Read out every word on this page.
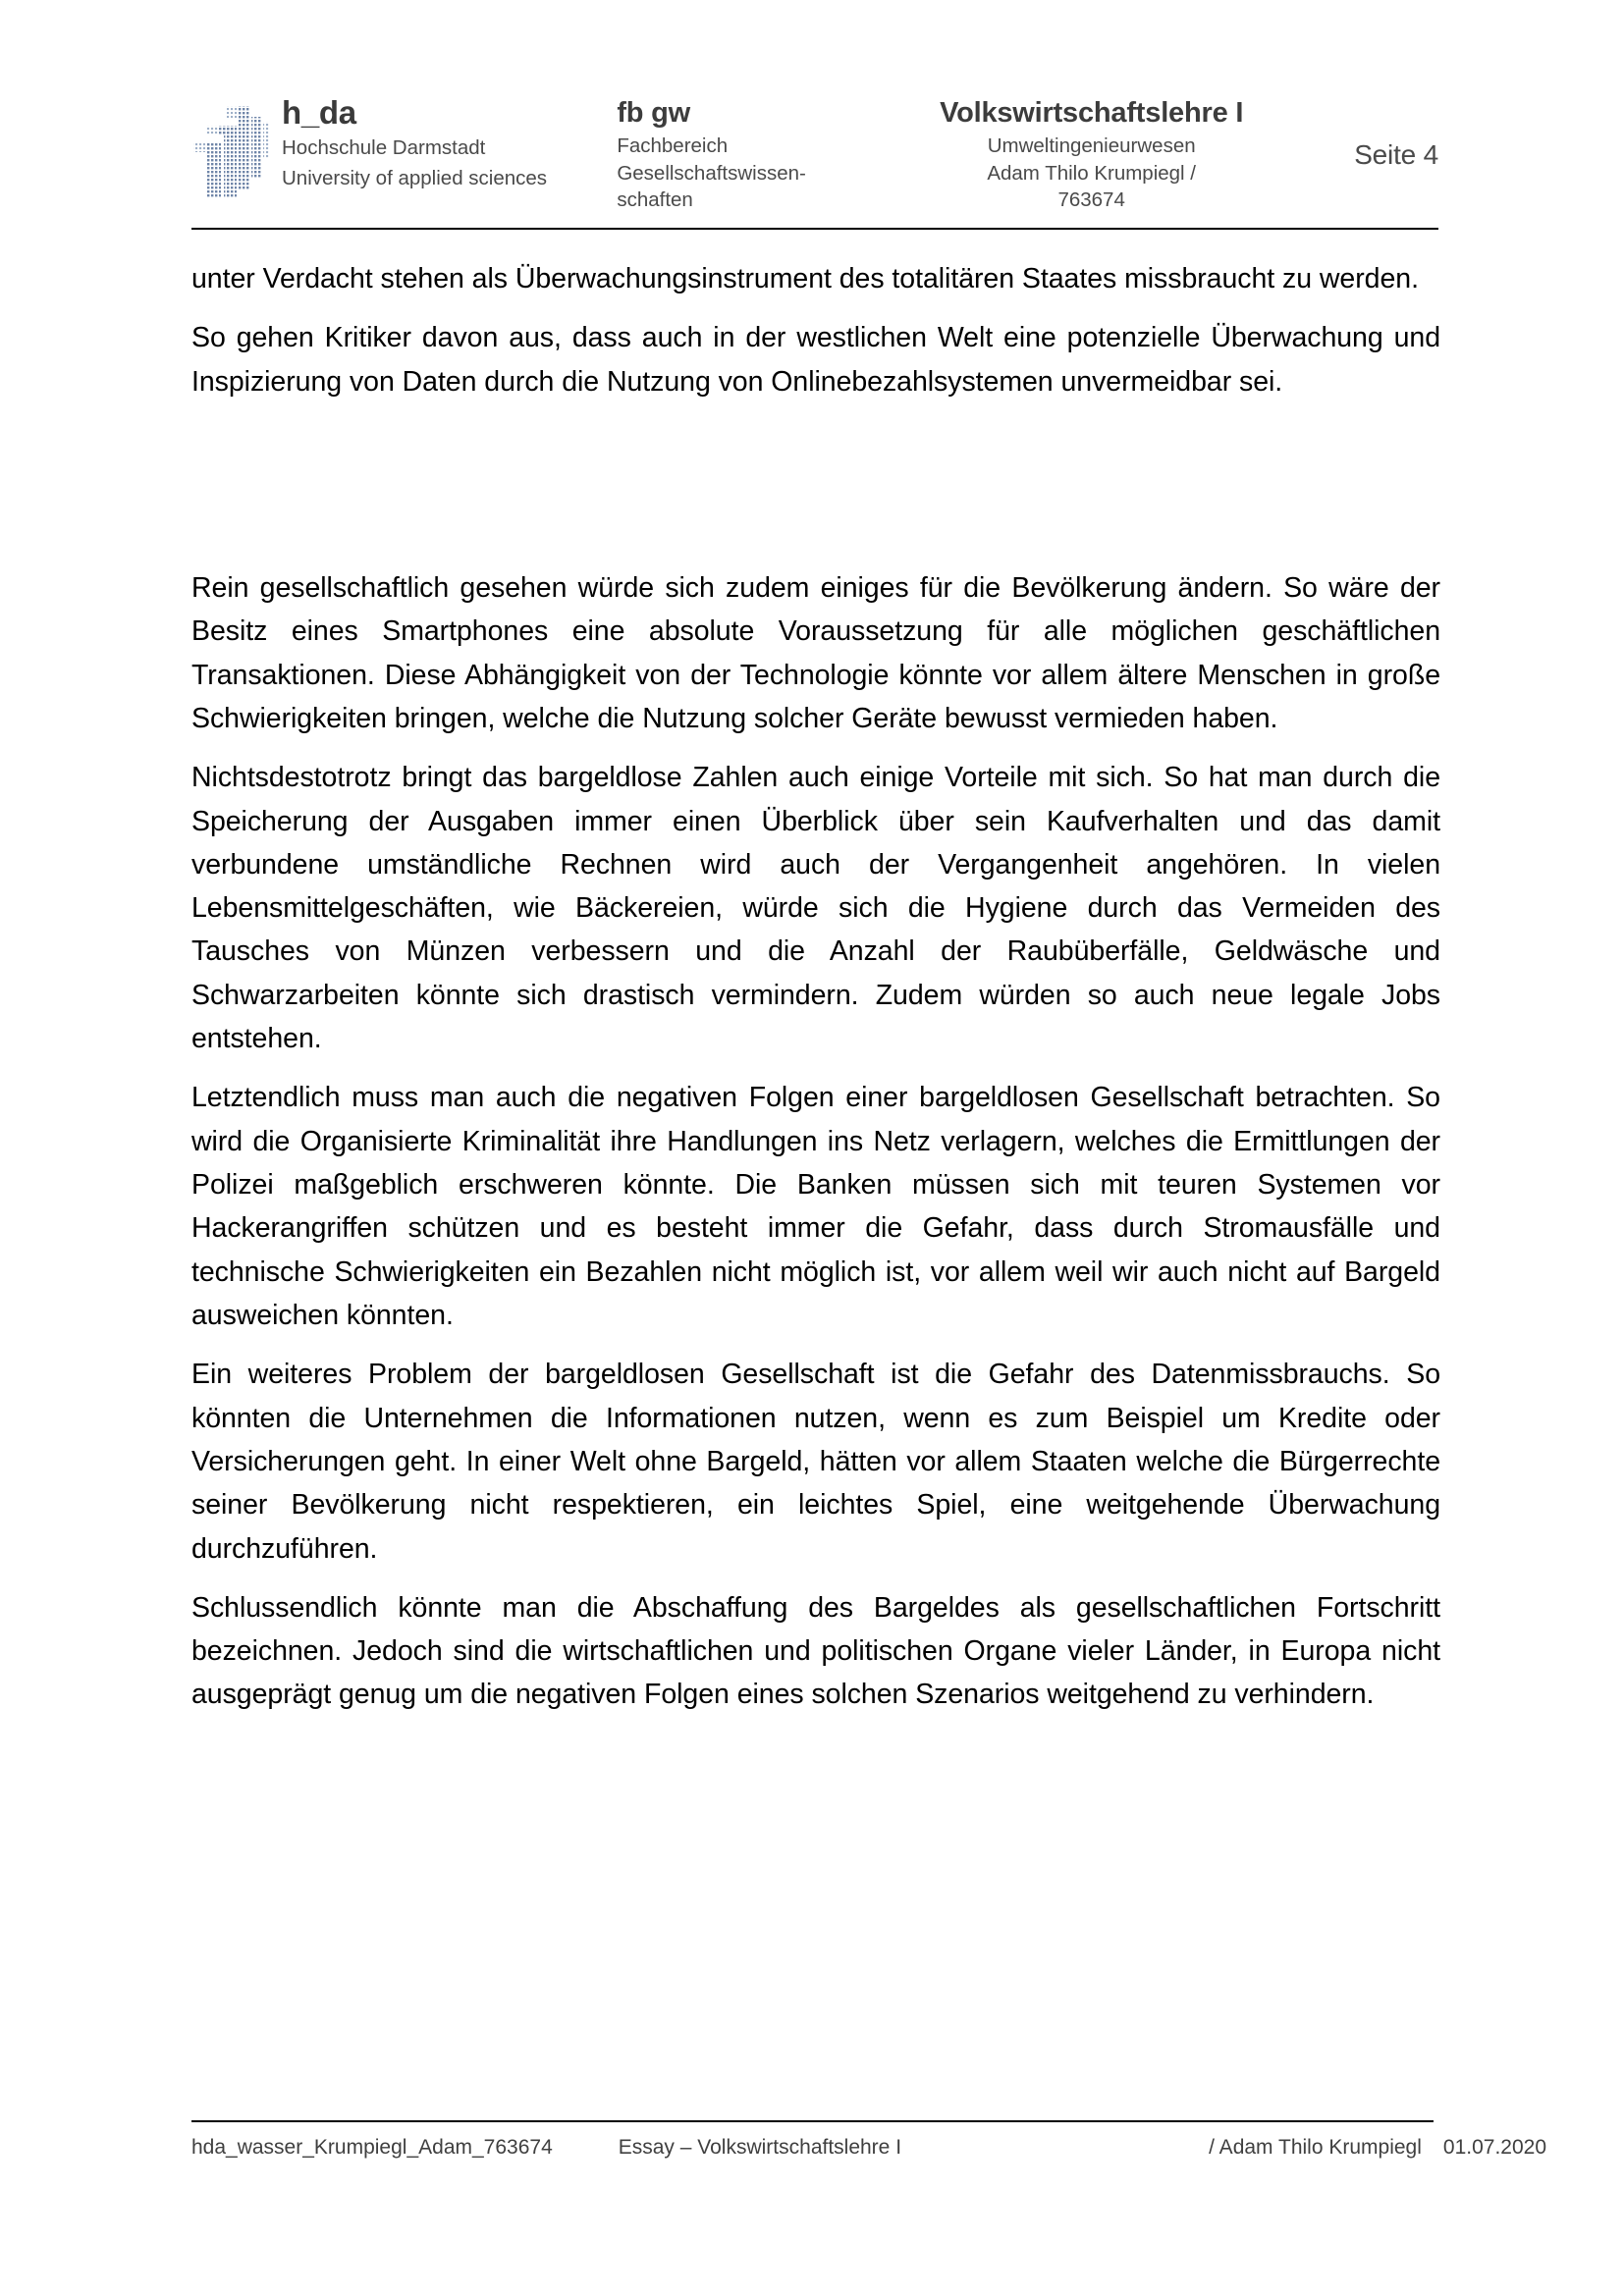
h_da
Hochschule Darmstadt
University of applied sciences
fb gw
Fachbereich
Gesellschaftswissen-
schaften
Volkswirtschaftslehre I
Umweltingenieurwesen
Adam Thilo Krumpiegl /
763674
Seite 4

unter Verdacht stehen als Überwachungsinstrument des totalitären Staates missbraucht zu werden.

So gehen Kritiker davon aus, dass auch in der westlichen Welt eine potenzielle Überwachung und Inspizierung von Daten durch die Nutzung von Onlinebezahlsystemen unvermeidbar sei.

Rein gesellschaftlich gesehen würde sich zudem einiges für die Bevölkerung ändern. So wäre der Besitz eines Smartphones eine absolute Voraussetzung für alle möglichen geschäftlichen Transaktionen. Diese Abhängigkeit von der Technologie könnte vor allem ältere Menschen in große Schwierigkeiten bringen, welche die Nutzung solcher Geräte bewusst vermieden haben.

Nichtsdestotrotz bringt das bargeldlose Zahlen auch einige Vorteile mit sich. So hat man durch die Speicherung der Ausgaben immer einen Überblick über sein Kaufverhalten und das damit verbundene umständliche Rechnen wird auch der Vergangenheit angehören. In vielen Lebensmittelgeschäften, wie Bäckereien, würde sich die Hygiene durch das Vermeiden des Tausches von Münzen verbessern und die Anzahl der Raubüberfälle, Geldwäsche und Schwarzarbeiten könnte sich drastisch vermindern. Zudem würden so auch neue legale Jobs entstehen.

Letztendlich muss man auch die negativen Folgen einer bargeldlosen Gesellschaft betrachten. So wird die Organisierte Kriminalität ihre Handlungen ins Netz verlagern, welches die Ermittlungen der Polizei maßgeblich erschweren könnte. Die Banken müssen sich mit teuren Systemen vor Hackerangriffen schützen und es besteht immer die Gefahr, dass durch Stromausfälle und technische Schwierigkeiten ein Bezahlen nicht möglich ist, vor allem weil wir auch nicht auf Bargeld ausweichen könnten.

Ein weiteres Problem der bargeldlosen Gesellschaft ist die Gefahr des Datenmissbrauchs. So könnten die Unternehmen die Informationen nutzen, wenn es zum Beispiel um Kredite oder Versicherungen geht. In einer Welt ohne Bargeld, hätten vor allem Staaten welche die Bürgerrechte seiner Bevölkerung nicht respektieren, ein leichtes Spiel, eine weitgehende Überwachung durchzuführen.

Schlussendlich könnte man die Abschaffung des Bargeldes als gesellschaftlichen Fortschritt bezeichnen. Jedoch sind die wirtschaftlichen und politischen Organe vieler Länder, in Europa nicht ausgeprägt genug um die negativen Folgen eines solchen Szenarios weitgehend zu verhindern.

hda_wasser_Krumpiegl_Adam_763674	Essay – Volkswirtschaftslehre I	/ Adam Thilo Krumpiegl 01.07.2020
